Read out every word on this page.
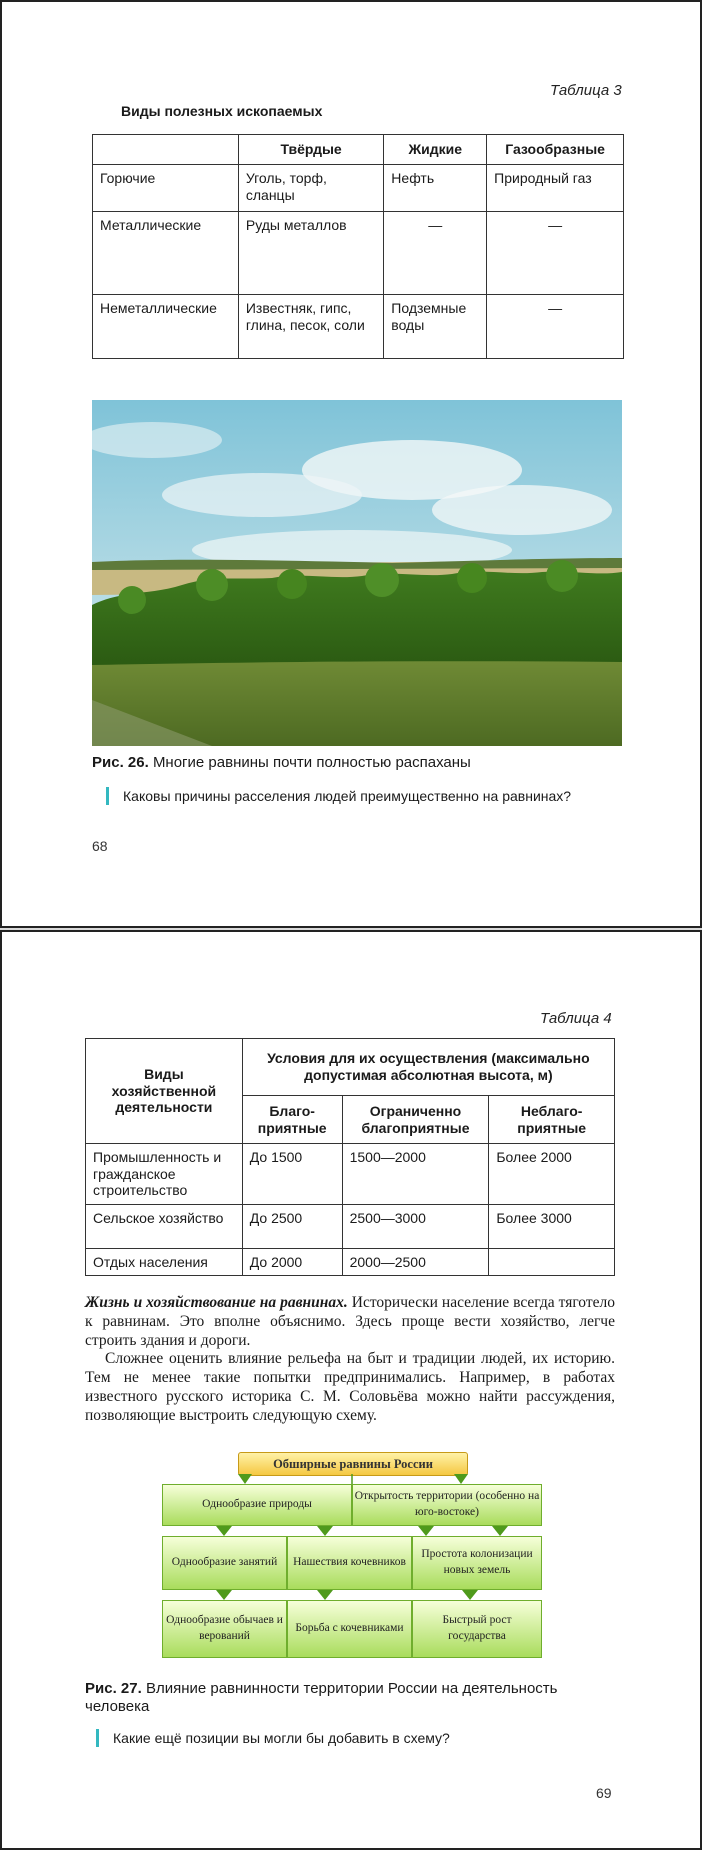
Таблица 3
Виды полезных ископаемых
	Твёрдые	Жидкие	Газообразные
Горючие	Уголь, торф, сланцы	Нефть	Природный газ
Металлические	Руды металлов	—	—
Неметаллические	Известняк, гипс, глина, песок, соли	Подземные воды	—
Рис. 26. Многие равнины почти полностью распаханы
Каковы причины расселения людей преимущественно на равнинах?
68
Таблица 4
Виды хозяйственной деятельности	Условия для их осуществления (максимально допустимая абсолютная высота, м)		
	Благо-приятные	Ограниченно благоприятные	Неблаго-приятные
Промышленность и гражданское строительство	До 1500	1500—2000	Более 2000
Сельское хозяйство	До 2500	2500—3000	Более 3000
Отдых населения	До 2000	2000—2500	

Жизнь и хозяйствование на равнинах. Исторически население всегда тяготело к равнинам. Это вполне объяснимо. Здесь проще вести хозяйство, легче строить здания и дороги.

Сложнее оценить влияние рельефа на быт и традиции людей, их историю. Тем не менее такие попытки предпринимались. Например, в работах известного русского историка С. М. Соловьёва можно найти рассуждения, позволяющие выстроить следующую схему.

Обширные равнины России
Однообразие природы
Открытость территории (особенно на юго-востоке)
Однообразие занятий Нашествия кочевников
Простота колонизации новых земель
Однообразие обычаев и верований
Борьба с кочевниками
Быстрый рост государства
Рис. 27. Влияние равнинности территории России на деятельность человека
Какие ещё позиции вы могли бы добавить в схему?
69
